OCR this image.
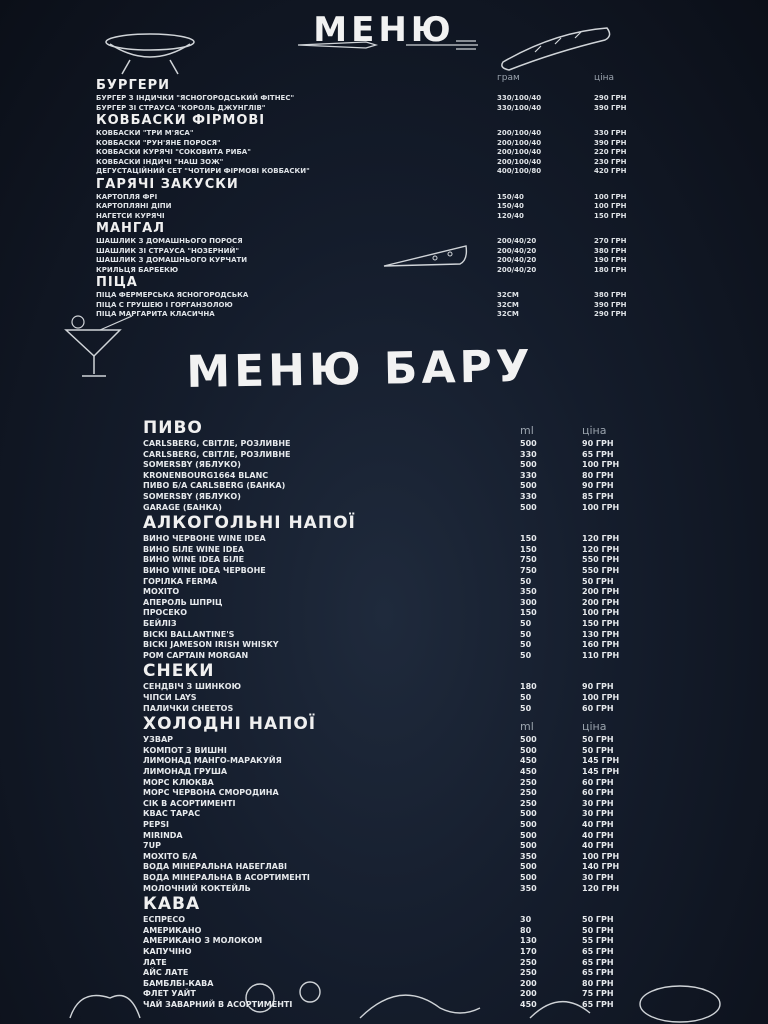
МЕНЮ
МЕНЮ БАРУ
БУРГЕРИ	грам	ціна
БУРГЕР З ІНДИЧКИ "ЯСНОГОРОДСЬКИЙ ФІТНЕС"	330/100/40	290 ГРН
БУРГЕР ЗІ СТРАУСА "КОРОЛЬ ДЖУНГЛІВ"	330/100/40	390 ГРН
КОВБАСКИ ФІРМОВІ
КОВБАСКИ "ТРИ М'ЯСА"	200/100/40	330 ГРН
КОВБАСКИ "РУН'ЯНЕ ПОРОСЯ"	200/100/40	390 ГРН
КОВБАСКИ КУРЯЧІ "СОКОВИТА РИБА"	200/100/40	220 ГРН
КОВБАСКИ ІНДИЧІ "НАШ ЗОЖ"	200/100/40	230 ГРН
ДЕГУСТАЦІЙНИЙ СЕТ "ЧОТИРИ ФІРМОВІ КОВБАСКИ"	400/100/80	420 ГРН
ГАРЯЧІ ЗАКУСКИ
КАРТОПЛЯ ФРІ	150/40	100 ГРН
КАРТОПЛЯНІ ДІПИ	150/40	100 ГРН
НАГЕТСИ КУРЯЧІ	120/40	150 ГРН
МАНГАЛ
ШАШЛИК З ДОМАШНЬОГО ПОРОСЯ	200/40/20	270 ГРН
ШАШЛИК ЗІ СТРАУСА "НОЗЕРНИЙ"	200/40/20	380 ГРН
ШАШЛИК З ДОМАШНЬОГО КУРЧАТИ	200/40/20	190 ГРН
КРИЛЬЦЯ БАРБЕКЮ	200/40/20	180 ГРН
ПІЦА
ПІЦА ФЕРМЕРСЬКА ЯСНОГОРОДСЬКА	32СМ	380 ГРН
ПІЦА С ГРУШЕЮ І ГОРГАНЗОЛОЮ	32СМ	390 ГРН
ПІЦА МАРГАРИТА КЛАСИЧНА	32СМ	290 ГРН
ПИВО	ml	ціна
CARLSBERG, СВІТЛЕ, РОЗЛИВНЕ	500	90 ГРН
CARLSBERG, СВІТЛЕ, РОЗЛИВНЕ	330	65 ГРН
SOMERSBY (ЯБЛУКО)	500	100 ГРН
KRONENBOURG1664 BLANC	330	80 ГРН
ПИВО Б/А CARLSBERG (БАНКА)	500	90 ГРН
SOMERSBY (ЯБЛУКО)	330	85 ГРН
GARAGE (БАНКА)	500	100 ГРН
АЛКОГОЛЬНІ НАПОЇ
ВИНО ЧЕРВОНЕ WINE IDEA	150	120 ГРН
ВИНО БІЛЕ WINE IDEA	150	120 ГРН
ВИНО WINE IDEA БІЛЕ	750	550 ГРН
ВИНО WINE IDEA ЧЕРВОНЕ	750	550 ГРН
ГОРІЛКА FERMA	50	50 ГРН
МОХІТО	350	200 ГРН
АПЕРОЛЬ ШПРІЦ	300	200 ГРН
ПРОСЕКО	150	100 ГРН
БЕЙЛІЗ	50	150 ГРН
ВІСКІ BALLANTINE'S	50	130 ГРН
ВІСКІ JAMESON IRISH WHISKY	50	160 ГРН
РОМ CAPTAIN MORGAN	50	110 ГРН
СНЕКИ
СЕНДВІЧ З ШИНКОЮ	180	90 ГРН
ЧІПСИ LAYS	50	100 ГРН
ПАЛИЧКИ CHEETOS	50	60 ГРН
ХОЛОДНІ НАПОЇ	ml	ціна
УЗВАР	500	50 ГРН
КОМПОТ З ВИШНІ	500	50 ГРН
ЛИМОНАД МАНГО-МАРАКУЙЯ	450	145 ГРН
ЛИМОНАД ГРУША	450	145 ГРН
МОРС КЛЮКВА	250	60 ГРН
МОРС ЧЕРВОНА СМОРОДИНА	250	60 ГРН
СІК В АСОРТИМЕНТІ	250	30 ГРН
КВАС ТАРАС	500	30 ГРН
PEPSI	500	40 ГРН
MIRINDA	500	40 ГРН
7UP	500	40 ГРН
МОХІТО Б/А	350	100 ГРН
ВОДА МІНЕРАЛЬНА НАБЕГЛАВІ	500	140 ГРН
ВОДА МІНЕРАЛЬНА В АСОРТИМЕНТІ	500	30 ГРН
МОЛОЧНИЙ КОКТЕЙЛЬ	350	120 ГРН
КАВА
ЕСПРЕСО	30	50 ГРН
АМЕРИКАНО	80	50 ГРН
АМЕРИКАНО З МОЛОКОМ	130	55 ГРН
КАПУЧІНО	170	65 ГРН
ЛАТЕ	250	65 ГРН
АЙС ЛАТЕ	250	65 ГРН
БАМБЛБІ-КАВА	200	80 ГРН
ФЛЕТ УАЙТ	200	75 ГРН
ЧАЙ ЗАВАРНИЙ В АСОРТИМЕНТІ	450	65 ГРН
